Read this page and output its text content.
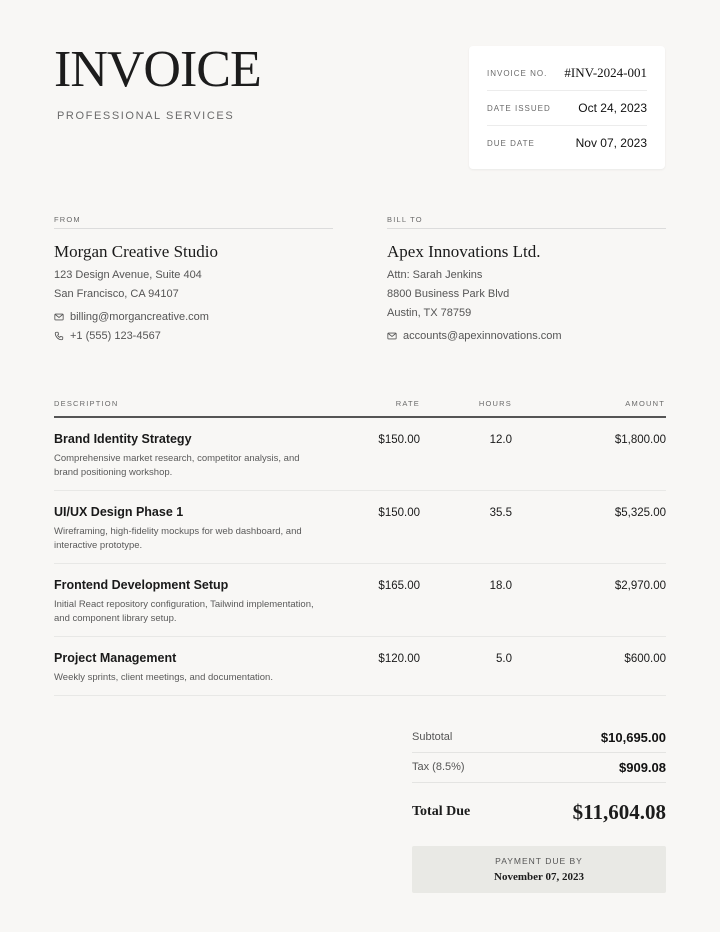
INVOICE
PROFESSIONAL SERVICES
INVOICE NO. #INV-2024-001
DATE ISSUED Oct 24, 2023
DUE DATE	Nov 07, 2023
FROM
Morgan Creative Studio
123 Design Avenue, Suite 404
San Francisco, CA 94107
billing@morgancreative.com
+1 (555) 123-4567
BILL TO
Apex Innovations Ltd.
Attn: Sarah Jenkins
8800 Business Park Blvd
Austin, TX 78759
accounts@apexinnovations.com
DESCRIPTION	RATE	HOURS	AMOUNT
Brand Identity Strategy
Comprehensive market research, competitor analysis, and brand positioning workshop.
$150.00	12.0	$1,800.00
UI/UX Design Phase 1
Wireframing, high-fidelity mockups for web dashboard, and interactive prototype.
$150.00	35.5	$5,325.00
Frontend Development Setup
Initial React repository configuration, Tailwind implementation, and component library setup.
$165.00	18.0	$2,970.00
Project Management
Weekly sprints, client meetings, and documentation.
$120.00	5.0	$600.00
Subtotal	$10,695.00
Tax (8.5%)	$909.08
Total Due	$11,604.08
PAYMENT DUE BY
November 07, 2023
